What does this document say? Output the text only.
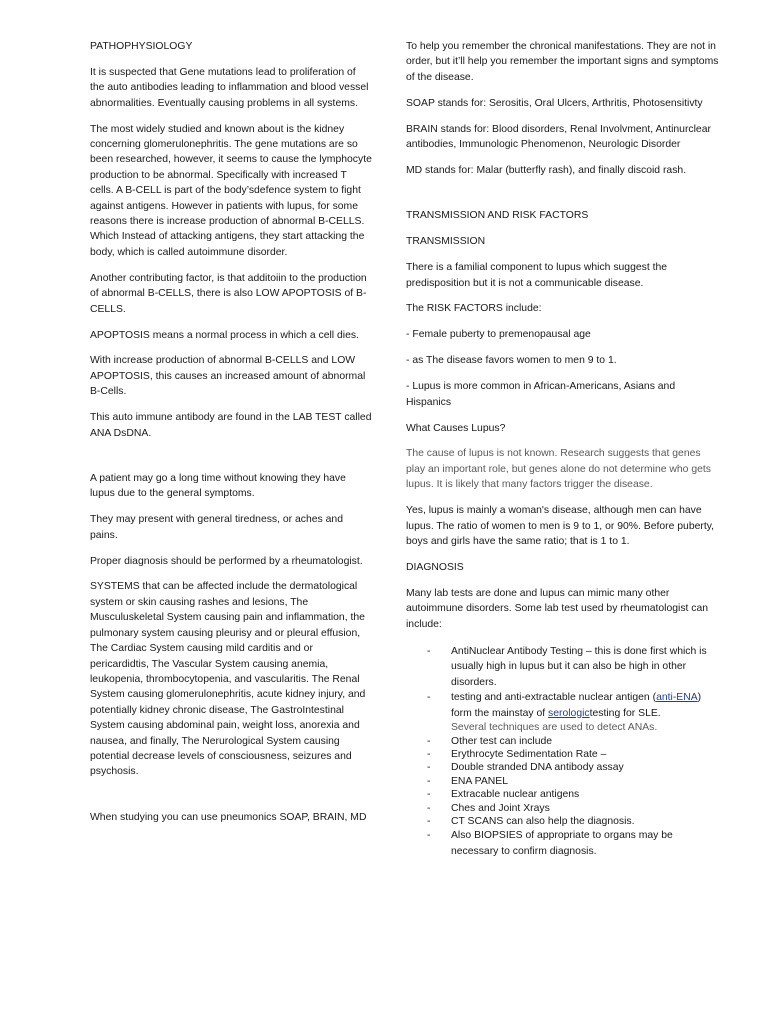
PATHOPHYSIOLOGY

It is suspected that Gene mutations lead to proliferation of the auto antibodies leading to inflammation and blood vessel abnormalities. Eventually causing problems in all systems.

The most widely studied and known about is the kidney concerning glomerulonephritis. The gene mutations are so been researched, however, it seems to cause the lymphocyte production to be abnormal. Specifically with increased T cells. A B-CELL is part of the body’sdefence system to fight against antigens. However in patients with lupus, for some reasons there is increase production of abnormal B-CELLS. Which Instead of attacking antigens, they start attacking the body, which is called autoimmune disorder.

Another contributing factor, is that additoiin to the production of abnormal B-CELLS, there is also LOW APOPTOSIS of B-CELLS.

APOPTOSIS means a normal process in which a cell dies.

With increase production of abnormal B-CELLS and LOW APOPTOSIS, this causes an increased amount of abnormal B-Cells.

This auto immune antibody are found in the LAB TEST called ANA DsDNA.

A patient may go a long time without knowing they have lupus due to the general symptoms.

They may present with general tiredness, or aches and pains.

Proper diagnosis should be performed by a rheumatologist.

SYSTEMS that can be affected include the dermatological system or skin causing rashes and lesions, The Musculuskeletal System causing pain and inflammation, the pulmonary system causing pleurisy and or pleural effusion, The Cardiac System causing mild carditis and or pericardidtis, The Vascular System causing anemia, leukopenia, thrombocytopenia, and vascularitis. The Renal System causing glomerulonephritis, acute kidney injury, and potentially kidney chronic disease, The GastroIntestinal System causing abdominal pain, weight loss, anorexia and nausea, and finally, The Nerurological System causing potential decrease levels of consciousness, seizures and psychosis.

When studying you can use pneumonics SOAP, BRAIN, MD

To help you remember the chronical manifestations. They are not in order, but it’ll help you remember the important signs and symptoms of the disease.

SOAP stands for: Serositis, Oral Ulcers, Arthritis, Photosensitivty

BRAIN stands for: Blood disorders, Renal Involvment, Antinurclear antibodies, Immunologic Phenomenon, Neurologic Disorder

MD stands for: Malar (butterfly rash), and finally discoid rash.

TRANSMISSION AND RISK FACTORS

TRANSMISSION

There is a familial component to lupus which suggest the predisposition but it is not a communicable disease.

The RISK FACTORS include:

- Female puberty to premenopausal age

- as The disease favors women to men 9 to 1.

- Lupus is more common in African-Americans, Asians and Hispanics

What Causes Lupus?

The cause of lupus is not known. Research suggests that genes play an important role, but genes alone do not determine who gets lupus. It is likely that many factors trigger the disease.

Yes, lupus is mainly a woman's disease, although men can have lupus. The ratio of women to men is 9 to 1, or 90%. Before puberty, boys and girls have the same ratio; that is 1 to 1.

DIAGNOSIS

Many lab tests are done and lupus can mimic many other autoimmune disorders. Some lab test used by rheumatologist can include:

- AntiNuclear Antibody Testing – this is done first which is usually high in lupus but it can also be high in other disorders.
- testing and anti-extractable nuclear antigen (anti-ENA) form the mainstay of serologictesting for SLE.
Several techniques are used to detect ANAs.
- Other test can include
- Erythrocyte Sedimentation Rate –
- Double stranded DNA antibody assay
- ENA PANEL
- Extracable nuclear antigens
- Ches and Joint Xrays
- CT SCANS can also help the diagnosis.
- Also BIOPSIES of appropriate to organs may be necessary to confirm diagnosis.
